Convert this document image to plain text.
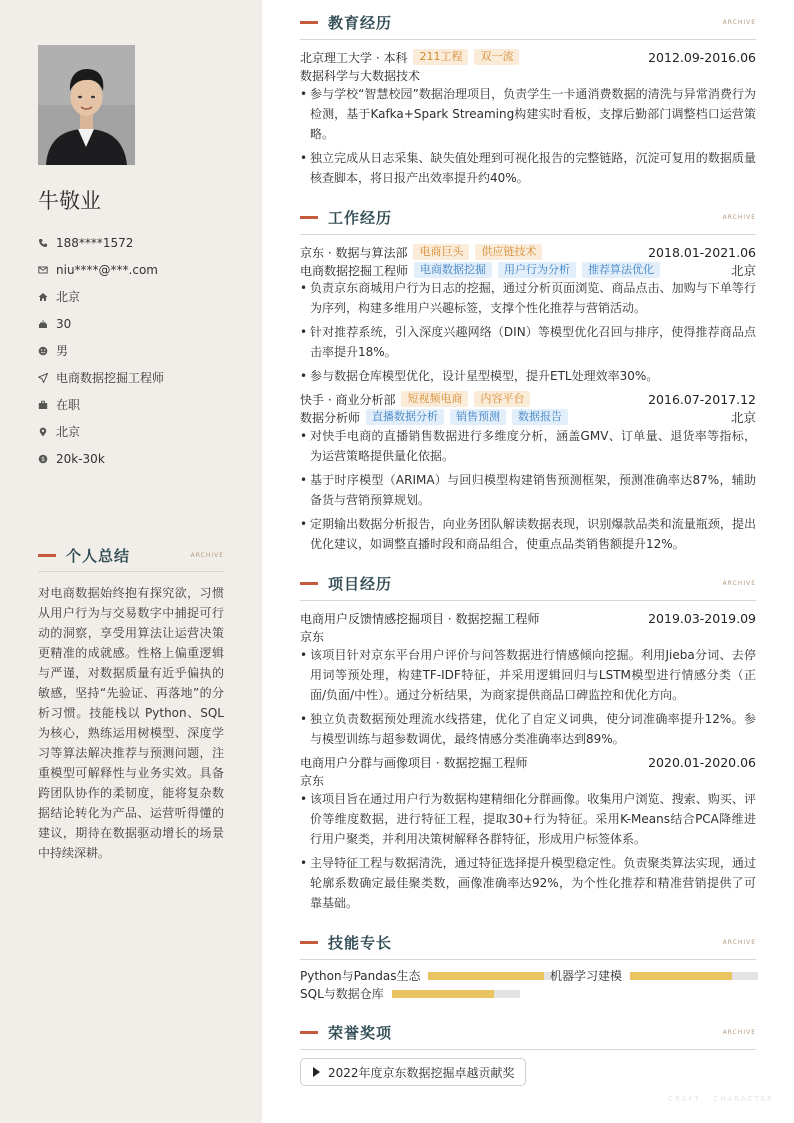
牛敬业
188****1572
niu****@***.com
北京
30
男
电商数据挖掘工程师
在职
北京
$ 20k-30k
个人总结	ARCHIVE
对电商数据始终抱有探究欲，习惯从用户行为与交易数字中捕捉可行动的洞察，享受用算法让运营决策更精准的成就感。性格上偏重逻辑与严谨，对数据质量有近乎偏执的敏感，坚持“先验证、再落地”的分析习惯。技能栈以 Python、SQL 为核心，熟练运用树模型、深度学习等算法解决推荐与预测问题，注重模型可解释性与业务实效。具备跨团队协作的柔韧度，能将复杂数据结论转化为产品、运营听得懂的建议，期待在数据驱动增长的场景中持续深耕。
教育经历	ARCHIVE
北京理工大学 · 本科	211工程	双一流	2012.09-2016.06
数据科学与大数据技术
• 参与学校“智慧校园”数据治理项目，负责学生一卡通消费数据的清洗与异常消费行为检测，基于Kafka+Spark Streaming构建实时看板，支撑后勤部门调整档口运营策略。
• 独立完成从日志采集、缺失值处理到可视化报告的完整链路，沉淀可复用的数据质量核查脚本，将日报产出效率提升约40%。
工作经历	ARCHIVE
京东 · 数据与算法部	电商巨头	供应链技术	2018.01-2021.06
电商数据挖掘工程师	电商数据挖掘	用户行为分析	推荐算法优化	北京
• 负责京东商城用户行为日志的挖掘，通过分析页面浏览、商品点击、加购与下单等行为序列，构建多维用户兴趣标签，支撑个性化推荐与营销活动。
• 针对推荐系统，引入深度兴趣网络（DIN）等模型优化召回与排序，使得推荐商品点击率提升18%。
• 参与数据仓库模型优化，设计星型模型，提升ETL处理效率30%。
快手 · 商业分析部	短视频电商	内容平台	2016.07-2017.12
数据分析师	直播数据分析	销售预测	数据报告	北京
• 对快手电商的直播销售数据进行多维度分析，涵盖GMV、订单量、退货率等指标，为运营策略提供量化依据。
• 基于时序模型（ARIMA）与回归模型构建销售预测框架，预测准确率达87%，辅助备货与营销预算规划。
• 定期输出数据分析报告，向业务团队解读数据表现，识别爆款品类和流量瓶颈，提出优化建议，如调整直播时段和商品组合，使重点品类销售额提升12%。
项目经历	ARCHIVE
电商用户反馈情感挖掘项目 · 数据挖掘工程师	2019.03-2019.09
京东
• 该项目针对京东平台用户评价与问答数据进行情感倾向挖掘。利用Jieba分词、去停用词等预处理，构建TF-IDF特征，并采用逻辑回归与LSTM模型进行情感分类（正面/负面/中性）。通过分析结果，为商家提供商品口碑监控和优化方向。
• 独立负责数据预处理流水线搭建，优化了自定义词典，使分词准确率提升12%。参与模型训练与超参数调优，最终情感分类准确率达到89%。
电商用户分群与画像项目 · 数据挖掘工程师	2020.01-2020.06
京东
• 该项目旨在通过用户行为数据构建精细化分群画像。收集用户浏览、搜索、购买、评价等维度数据，进行特征工程，提取30+行为特征。采用K-Means结合PCA降维进行用户聚类，并利用决策树解释各群特征，形成用户标签体系。
• 主导特征工程与数据清洗，通过特征选择提升模型稳定性。负责聚类算法实现，通过轮廓系数确定最佳聚类数，画像准确率达92%，为个性化推荐和精准营销提供了可靠基础。
技能专长	ARCHIVE
Python与Pandas生态	机器学习建模
SQL与数据仓库
荣誉奖项	ARCHIVE
2022年度京东数据挖掘卓越贡献奖
CRAFT · CHARACTER
